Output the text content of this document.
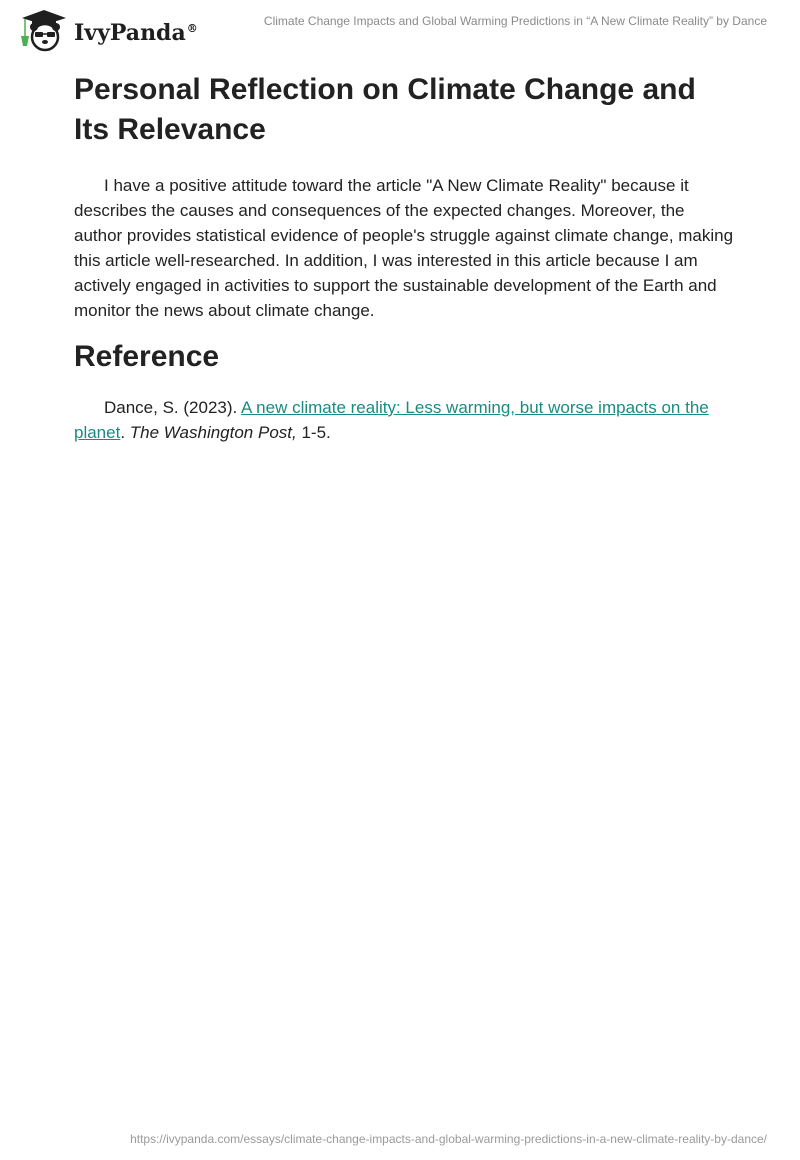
IvyPanda®
Climate Change Impacts and Global Warming Predictions in “A New Climate Reality” by Dance
Personal Reflection on Climate Change and Its Relevance

I have a positive attitude toward the article "A New Climate Reality" because it describes the causes and consequences of the expected changes. Moreover, the author provides statistical evidence of people's struggle against climate change, making this article well-researched. In addition, I was interested in this article because I am actively engaged in activities to support the sustainable development of the Earth and monitor the news about climate change.

Reference

Dance, S. (2023). A new climate reality: Less warming, but worse impacts on the planet. The Washington Post, 1-5.

https://ivypanda.com/essays/climate-change-impacts-and-global-warming-predictions-in-a-new-climate-reality-by-dance/
